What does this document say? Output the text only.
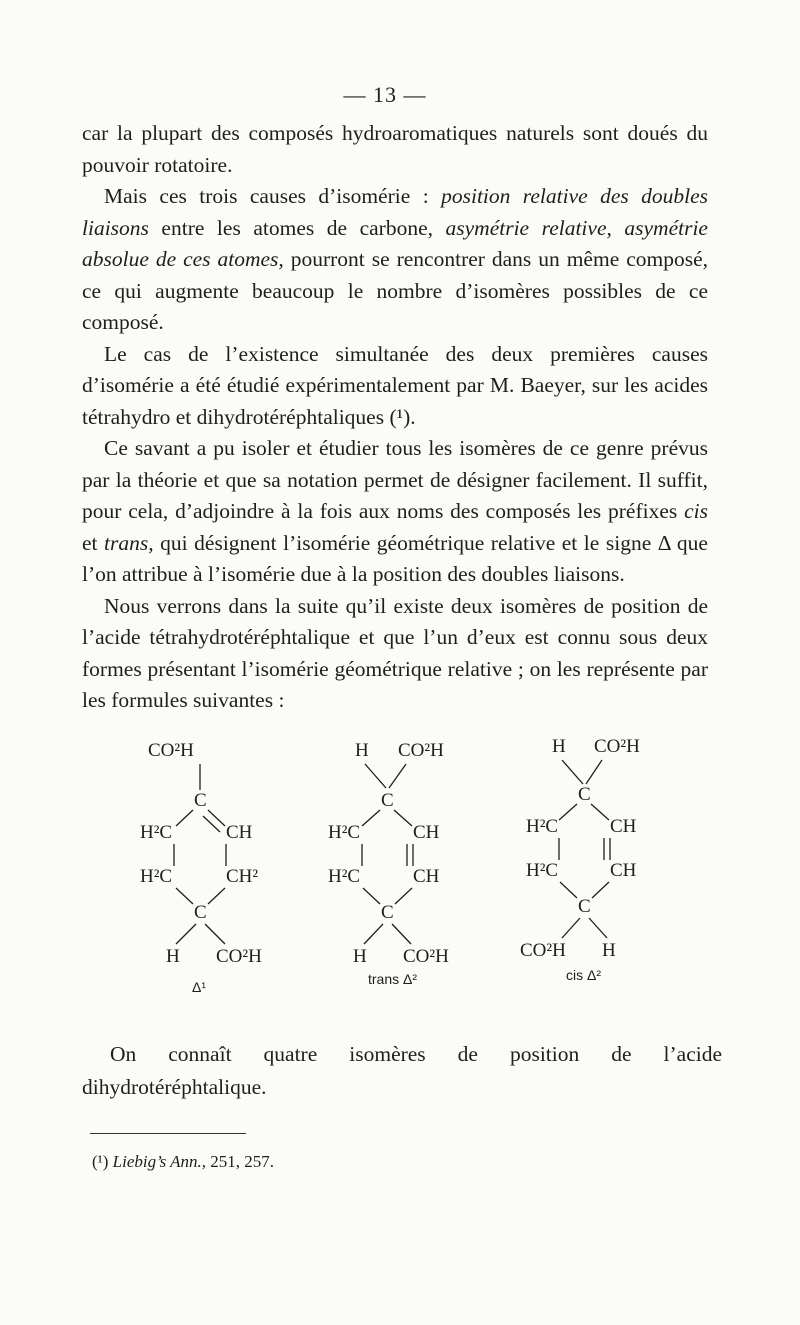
— 13 —

car la plupart des composés hydroaromatiques naturels sont doués du pouvoir rotatoire.

Mais ces trois causes d’isomérie : position relative des doubles liaisons entre les atomes de carbone, asymétrie relative, asymétrie absolue de ces atomes, pourront se rencontrer dans un même composé, ce qui augmente beaucoup le nombre d’isomères possibles de ce composé.

Le cas de l’existence simultanée des deux premières causes d’isomérie a été étudié expérimentalement par M. Baeyer, sur les acides tétrahydro et dihydrotéréphtaliques (¹).

Ce savant a pu isoler et étudier tous les isomères de ce genre prévus par la théorie et que sa notation permet de désigner facilement. Il suffit, pour cela, d’adjoindre à la fois aux noms des composés les préfixes cis et trans, qui désignent l’isomérie géométrique relative et le signe Δ que l’on attribue à l’isomérie due à la position des doubles liaisons.

Nous verrons dans la suite qu’il existe deux isomères de position de l’acide tétrahydrotéréphtalique et que l’un d’eux est connu sous deux formes présentant l’isomérie géométrique relative ; on les représente par les formules suivantes :

CO²H
C
H²C	CH
H²C	CH²
C
H CO²H
Δ¹
H CO²H
C
H²C	CH
H²C	CH
C
H CO²H
trans Δ²
H CO²H
C
H²C	CH
H²C	CH
C
CO²H H
cis Δ²

On connaît quatre isomères de position de l’acide dihydrotéréphtalique.

(¹) Liebig’s Ann., 251, 257.
